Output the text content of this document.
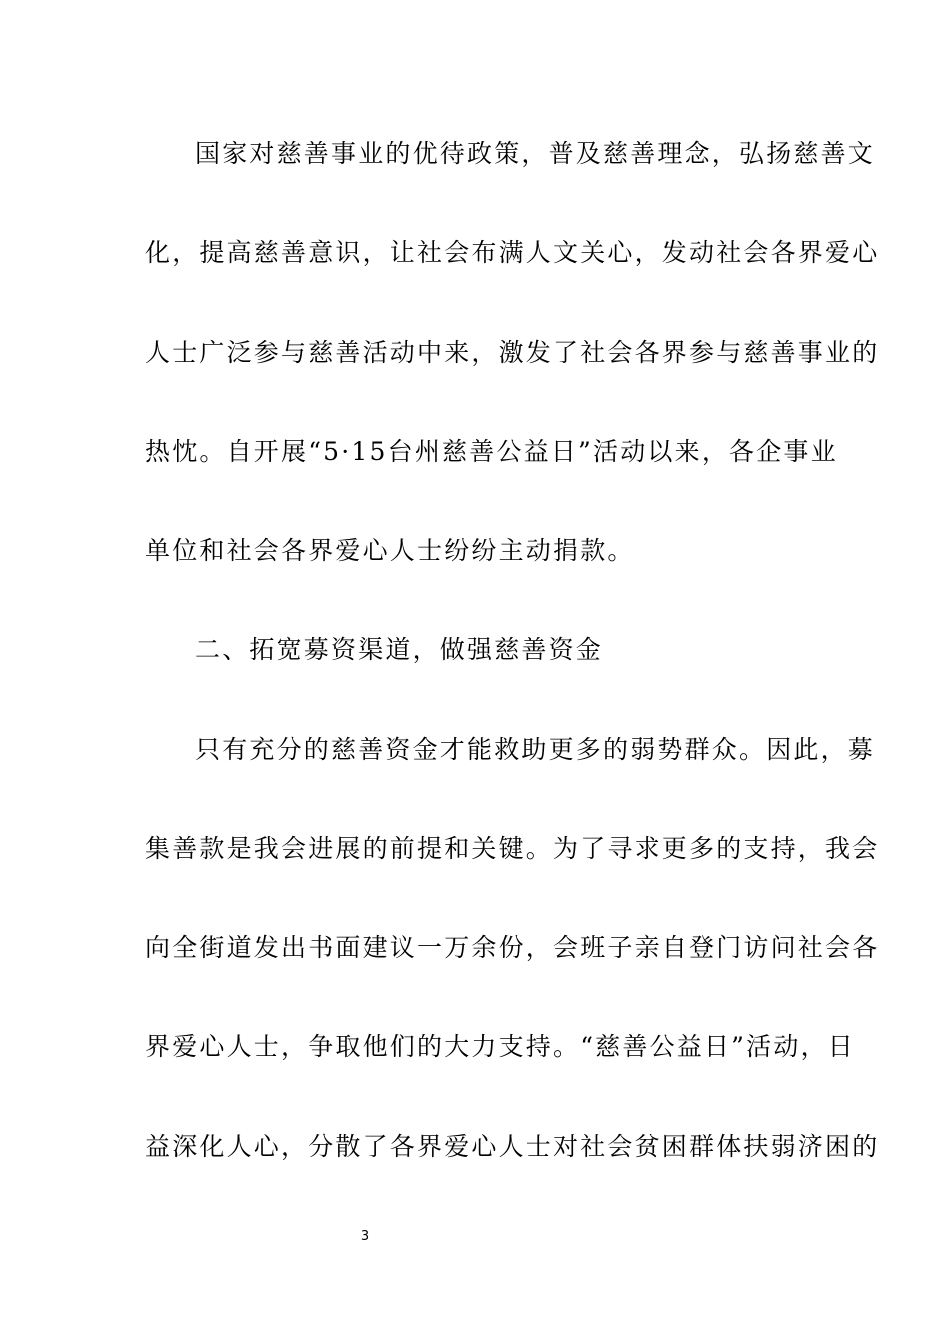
国家对慈善事业的优待政策，普及慈善理念，弘扬慈善文
化，提高慈善意识，让社会布满人文关心，发动社会各界爱心
人士广泛参与慈善活动中来，激发了社会各界参与慈善事业的
热忱。自开展“5·15台州慈善公益日”活动以来，各企事业
单位和社会各界爱心人士纷纷主动捐款。
二、拓宽募资渠道，做强慈善资金
只有充分的慈善资金才能救助更多的弱势群众。因此，募
集善款是我会进展的前提和关键。为了寻求更多的支持，我会
向全街道发出书面建议一万余份，会班子亲自登门访问社会各
界爱心人士，争取他们的大力支持。“慈善公益日”活动，日
益深化人心，分散了各界爱心人士对社会贫困群体扶弱济困的
3
